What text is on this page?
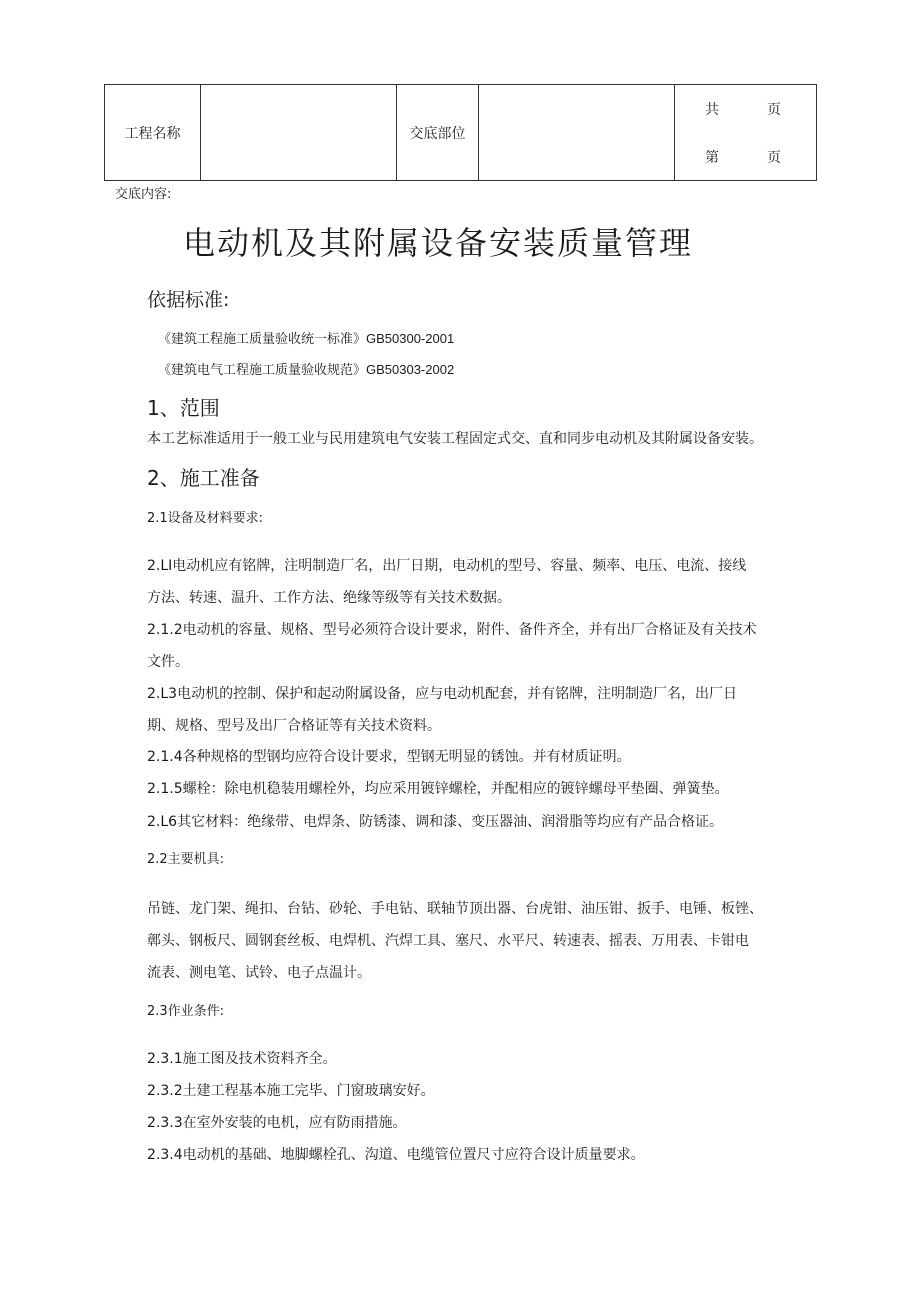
工程名称		交底部位		
共	页
第	页
交底内容:
电动机及其附属设备安装质量管理
依据标准:
《建筑工程施工质量验收统一标准》GB50300-2001
《建筑电气工程施工质量验收规范》GB50303-2002
1、范围
本工艺标准适用于一般工业与民用建筑电气安装工程固定式交、直和同步电动机及其附属设备安装。
2、施工准备
2.1设备及材料要求:
2.LI电动机应有铭牌，注明制造厂名，出厂日期，电动机的型号、容量、频率、电压、电流、接线
方法、转速、温升、工作方法、绝缘等级等有关技术数据。
2.1.2电动机的容量、规格、型号必须符合设计要求，附件、备件齐全，并有出厂合格证及有关技术
文件。
2.L3电动机的控制、保护和起动附属设备，应与电动机配套，并有铭牌，注明制造厂名，出厂日
期、规格、型号及出厂合格证等有关技术资料。
2.1.4各种规格的型钢均应符合设计要求，型钢无明显的锈蚀。并有材质证明。
2.1.5螺栓：除电机稳装用螺栓外，均应采用镀锌螺栓，并配相应的镀锌螺母平垫圈、弹簧垫。
2.L6其它材料：绝缘带、电焊条、防锈漆、调和漆、变压器油、润滑脂等均应有产品合格证。
2.2主要机具:
吊链、龙门架、绳扣、台钻、砂轮、手电钻、联轴节顶出器、台虎钳、油压钳、扳手、电锤、板锉、
鄣头、钢板尺、圆钢套丝板、电焊机、汽焊工具、塞尺、水平尺、转速表、摇表、万用表、卡钳电
流表、测电笔、试铃、电子点温计。
2.3作业条件:
2.3.1施工图及技术资料齐全。
2.3.2土建工程基本施工完毕、门窗玻璃安好。
2.3.3在室外安装的电机，应有防雨措施。
2.3.4电动机的基础、地脚螺栓孔、沟道、电缆管位置尺寸应符合设计质量要求。
